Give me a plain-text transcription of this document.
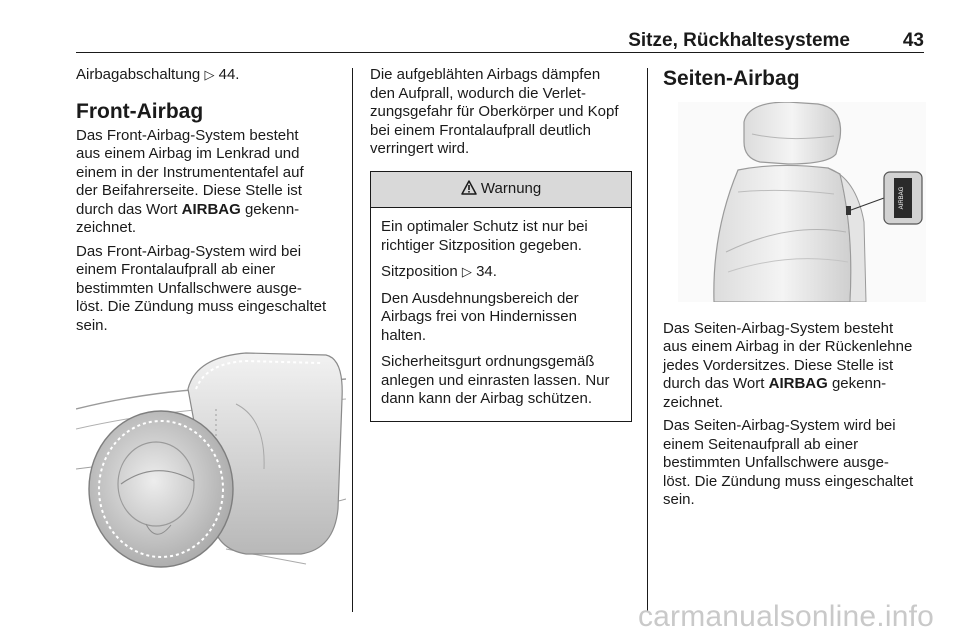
Sitze, Rückhaltesysteme	43

Airbagabschaltung ▷ 44.

Front-Airbag

Das Front-Airbag-System besteht
aus einem Airbag im Lenkrad und
einem in der Instrumententafel auf
der Beifahrerseite. Diese Stelle ist
durch das Wort AIRBAG gekenn-
zeichnet.

Das Front-Airbag-System wird bei
einem Frontalaufprall ab einer
bestimmten Unfallschwere ausge-
löst. Die Zündung muss eingeschaltet
sein.

Die aufgeblähten Airbags dämpfen
den Aufprall, wodurch die Verlet-
zungsgefahr für Oberkörper und Kopf
bei einem Frontalaufprall deutlich
verringert wird.

Warnung

Ein optimaler Schutz ist nur bei
richtiger Sitzposition gegeben.

Sitzposition ▷ 34.

Den Ausdehnungsbereich der
Airbags frei von Hindernissen
halten.

Sicherheitsgurt ordnungsgemäß
anlegen und einrasten lassen. Nur
dann kann der Airbag schützen.

Seiten-Airbag
AIRBAG

Das Seiten-Airbag-System besteht
aus einem Airbag in der Rückenlehne
jedes Vordersitzes. Diese Stelle ist
durch das Wort AIRBAG gekenn-
zeichnet.

Das Seiten-Airbag-System wird bei
einem Seitenaufprall ab einer
bestimmten Unfallschwere ausge-
löst. Die Zündung muss eingeschaltet
sein.

carmanualsonline.info
